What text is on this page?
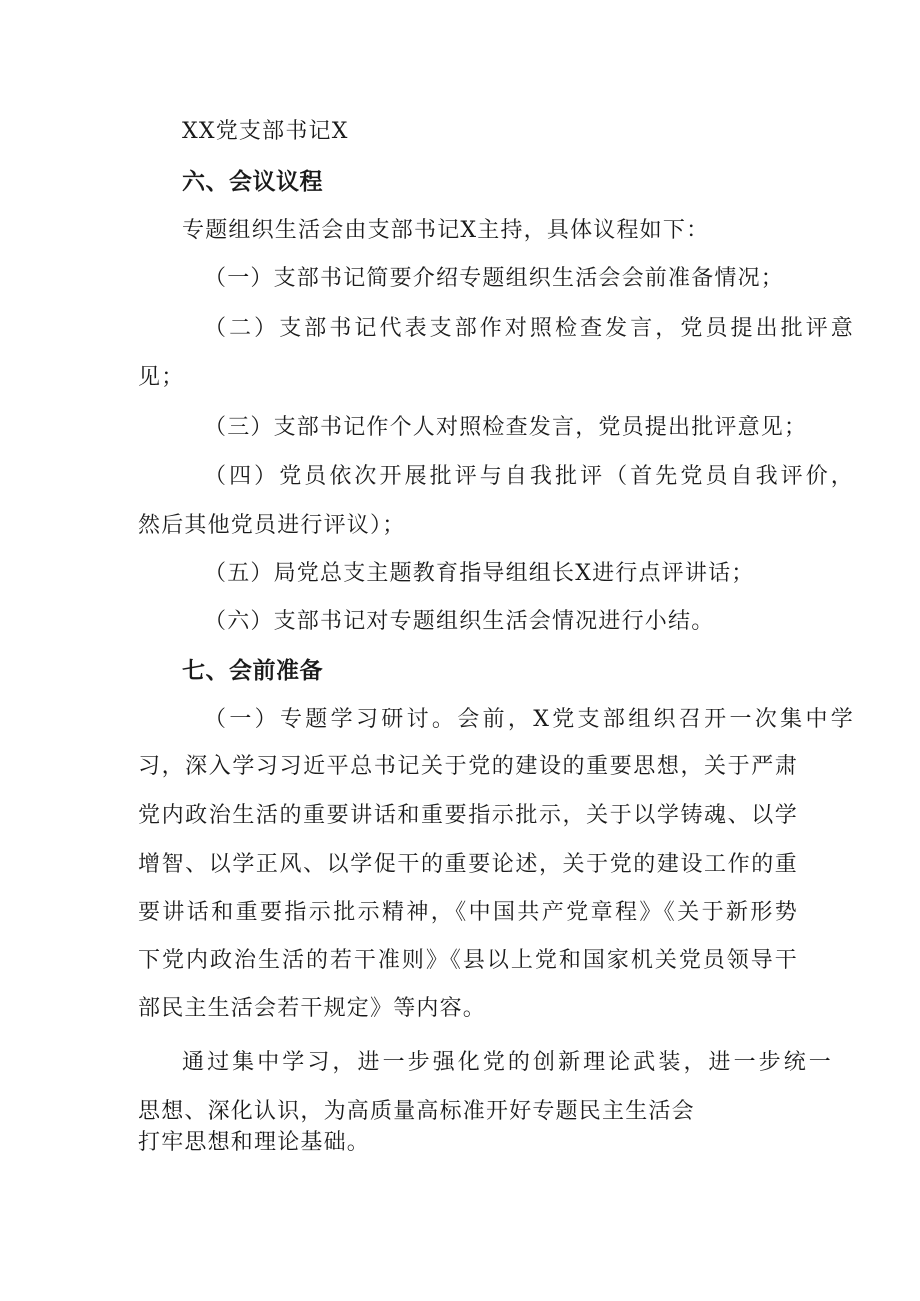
XX党支部书记X
六、会议议程
专题组织生活会由支部书记X主持，具体议程如下：
（一）支部书记简要介绍专题组织生活会会前准备情况；
（二）支部书记代表支部作对照检查发言，党员提出批评意
见；
（三）支部书记作个人对照检查发言，党员提出批评意见；
（四）党员依次开展批评与自我批评（首先党员自我评价，
然后其他党员进行评议）；
（五）局党总支主题教育指导组组长X进行点评讲话；
（六）支部书记对专题组织生活会情况进行小结。
七、会前准备
（一）专题学习研讨。会前，X党支部组织召开一次集中学
习，深入学习习近平总书记关于党的建设的重要思想，关于严肃
党内政治生活的重要讲话和重要指示批示，关于以学铸魂、以学
增智、以学正风、以学促干的重要论述，关于党的建设工作的重
要讲话和重要指示批示精神，《中国共产党章程》《关于新形势
下党内政治生活的若干准则》《县以上党和国家机关党员领导干
部民主生活会若干规定》等内容。
通过集中学习，进一步强化党的创新理论武装，进一步统一
思想、深化认识，为高质量高标准开好专题民主生活会
打牢思想和理论基础。
